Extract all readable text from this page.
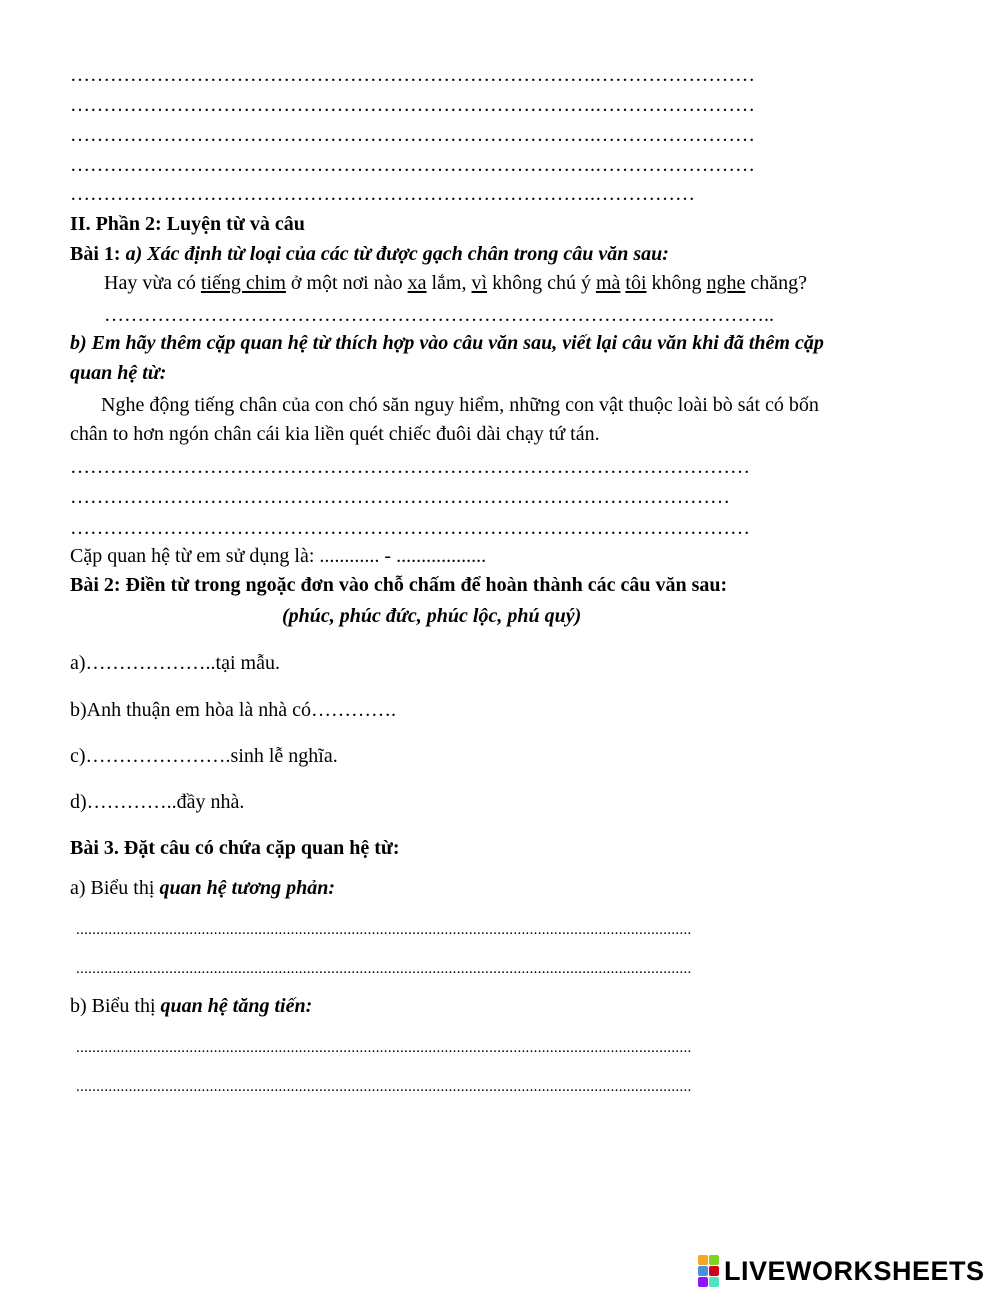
…………………………………………………………………….……………………
…………………………………………………………………….……………………
…………………………………………………………………….……………………
…………………………………………………………………….……………………
…………………………………………………………………….……………
II. Phần 2: Luyện từ và câu
Bài 1: a) Xác định từ loại của các từ được gạch chân trong câu văn sau:
Hay vừa có tiếng chim ở một nơi nào xa lắm, vì không chú ý mà tôi không nghe chăng?
………………………………………………………………………………………..
b) Em hãy thêm cặp quan hệ từ thích hợp vào câu văn sau, viết lại câu văn khi đã thêm cặp
quan hệ từ:
Nghe động tiếng chân của con chó săn nguy hiểm, những con vật thuộc loài bò sát có bốn
chân to hơn ngón chân cái kia liền quét chiếc đuôi dài chạy tứ tán.
…………………………………………………………………………………………
………………………………………………………………………………………
…………………………………………………………………………………………
Cặp quan hệ từ em sử dụng là: ............ - ..................
Bài 2: Điền từ trong ngoặc đơn vào chỗ chấm để hoàn thành các câu văn sau:
(phúc, phúc đức, phúc lộc, phú quý)
a)………………..tại mẫu.
b)Anh thuận em hòa là nhà có………….
c)………………….sinh lễ nghĩa.
d)…………..đầy nhà.
Bài 3. Đặt câu có chứa cặp quan hệ từ:
a) Biểu thị quan hệ tương phản:
........................................................................................................................................................
........................................................................................................................................................
b) Biểu thị quan hệ tăng tiến:
........................................................................................................................................................
........................................................................................................................................................
LIVEWORKSHEETS
